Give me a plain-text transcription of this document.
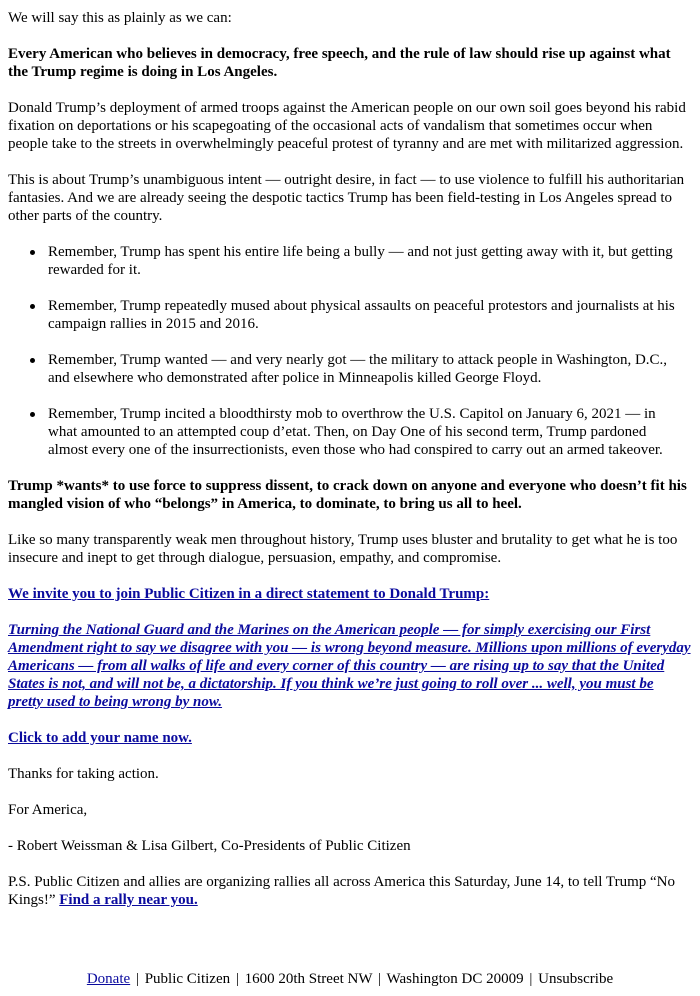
We will say this as plainly as we can:

Every American who believes in democracy, free speech, and the rule of law should rise up against what the Trump regime is doing in Los Angeles.

Donald Trump’s deployment of armed troops against the American people on our own soil goes beyond his rabid fixation on deportations or his scapegoating of the occasional acts of vandalism that sometimes occur when people take to the streets in overwhelmingly peaceful protest of tyranny and are met with militarized aggression.

This is about Trump’s unambiguous intent — outright desire, in fact — to use violence to fulfill his authoritarian fantasies. And we are already seeing the despotic tactics Trump has been field-testing in Los Angeles spread to other parts of the country.

Remember, Trump has spent his entire life being a bully — and not just getting away with it, but getting rewarded for it.
Remember, Trump repeatedly mused about physical assaults on peaceful protestors and journalists at his campaign rallies in 2015 and 2016.
Remember, Trump wanted — and very nearly got — the military to attack people in Washington, D.C., and elsewhere who demonstrated after police in Minneapolis killed George Floyd.
Remember, Trump incited a bloodthirsty mob to overthrow the U.S. Capitol on January 6, 2021 — in what amounted to an attempted coup d’etat. Then, on Day One of his second term, Trump pardoned almost every one of the insurrectionists, even those who had conspired to carry out an armed takeover.

Trump *wants* to use force to suppress dissent, to crack down on anyone and everyone who doesn’t fit his mangled vision of who “belongs” in America, to dominate, to bring us all to heel.

Like so many transparently weak men throughout history, Trump uses bluster and brutality to get what he is too insecure and inept to get through dialogue, persuasion, empathy, and compromise.

We invite you to join Public Citizen in a direct statement to Donald Trump:

Turning the National Guard and the Marines on the American people — for simply exercising our First Amendment right to say we disagree with you — is wrong beyond measure. Millions upon millions of everyday Americans — from all walks of life and every corner of this country — are rising up to say that the United States is not, and will not be, a dictatorship. If you think we’re just going to roll over ... well, you must be pretty used to being wrong by now.

Click to add your name now.

Thanks for taking action.

For America,

- Robert Weissman & Lisa Gilbert, Co-Presidents of Public Citizen

P.S. Public Citizen and allies are organizing rallies all across America this Saturday, June 14, to tell Trump “No Kings!” Find a rally near you.

Donate | Public Citizen | 1600 20th Street NW | Washington DC 20009 | Unsubscribe
